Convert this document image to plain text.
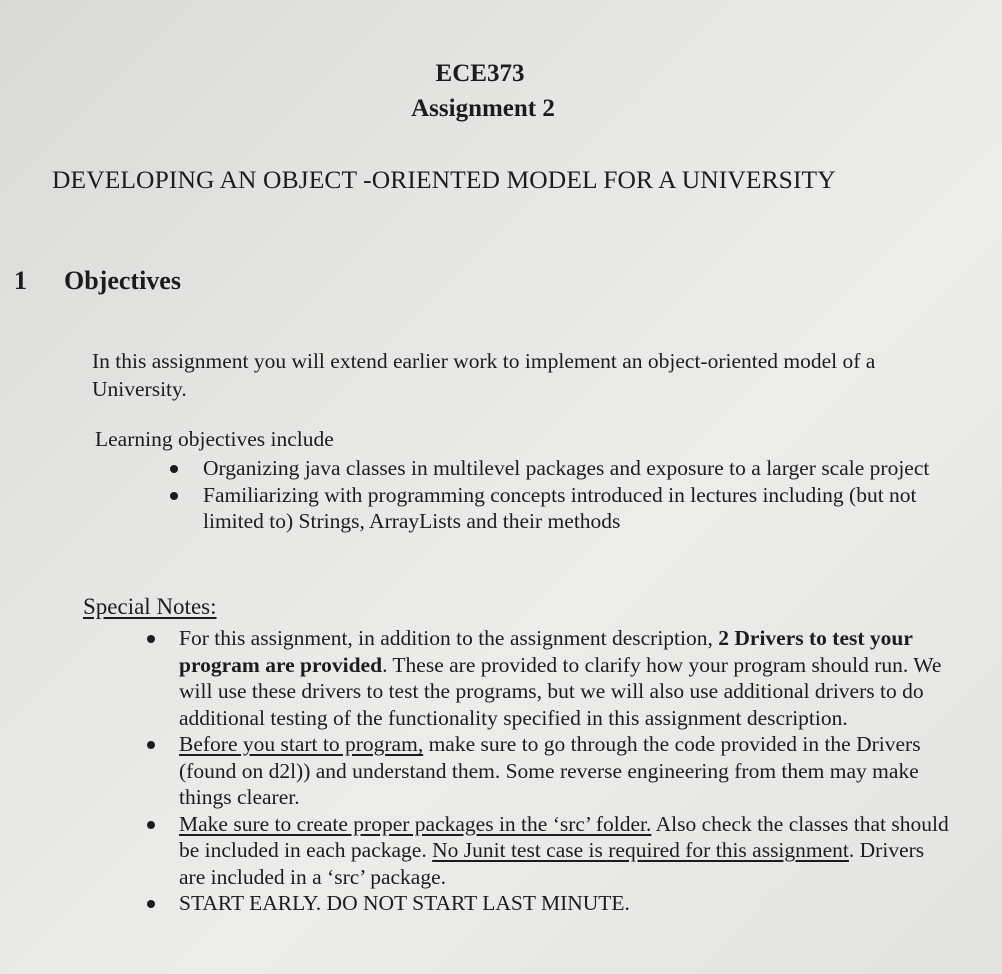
ECE373
Assignment 2
DEVELOPING AN OBJECT -ORIENTED MODEL FOR A UNIVERSITY
1 Objectives
In this assignment you will extend earlier work to implement an object-oriented model of a University.
Learning objectives include
Organizing java classes in multilevel packages and exposure to a larger scale project
Familiarizing with programming concepts introduced in lectures including (but not limited to) Strings, ArrayLists and their methods
Special Notes:
For this assignment, in addition to the assignment description, 2 Drivers to test your program are provided. These are provided to clarify how your program should run. We will use these drivers to test the programs, but we will also use additional drivers to do additional testing of the functionality specified in this assignment description.
Before you start to program, make sure to go through the code provided in the Drivers (found on d2l)) and understand them. Some reverse engineering from them may make things clearer.
Make sure to create proper packages in the ‘src’ folder. Also check the classes that should be included in each package. No Junit test case is required for this assignment. Drivers are included in a ‘src’ package.
START EARLY. DO NOT START LAST MINUTE.
